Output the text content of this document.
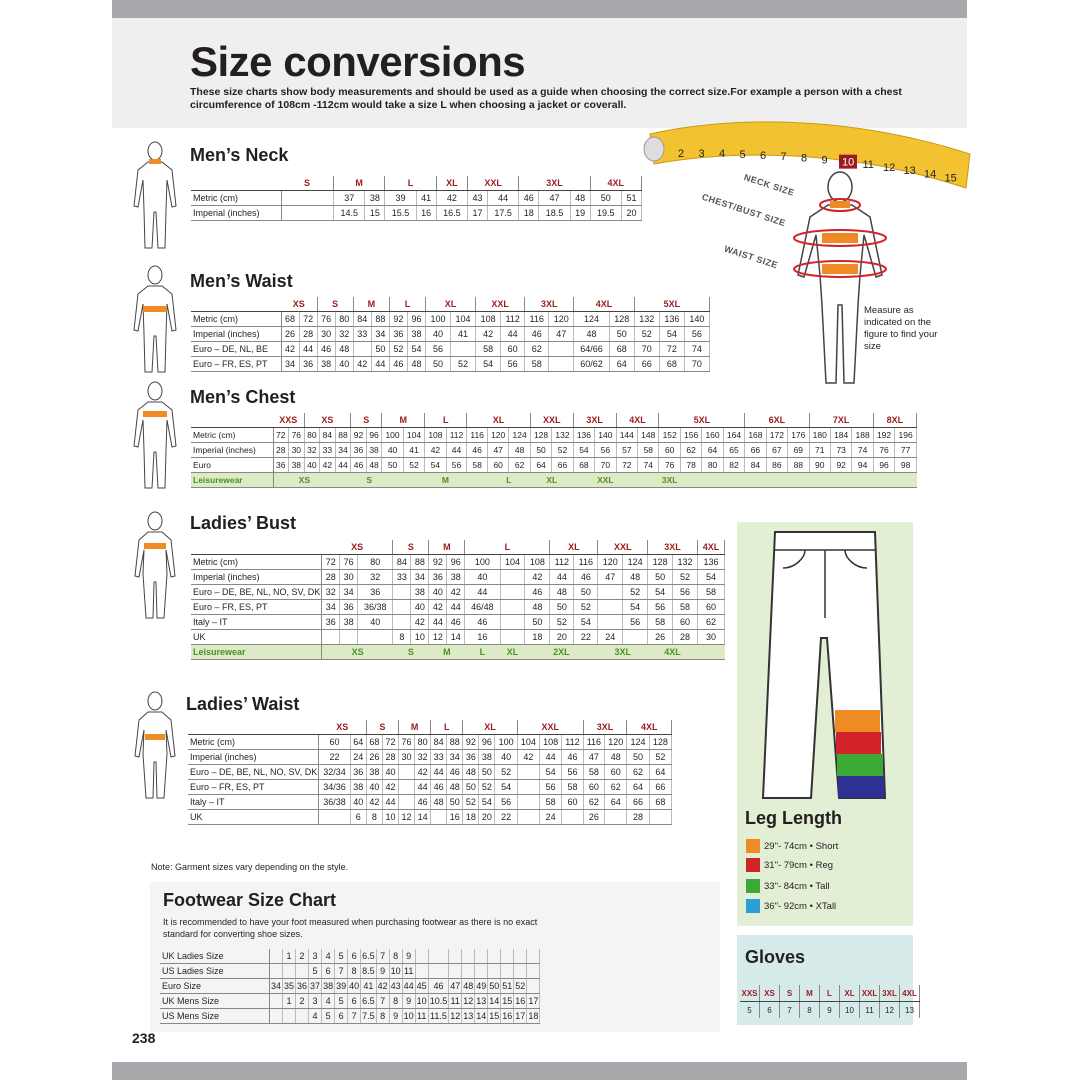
Size conversions
These size charts show body measurements and should be used as a guide when choosing the correct size.For example a person with a chest circumference of 108cm -112cm would take a size L when choosing a jacket or coverall.
2 3 4 5 6 7 8 9 10 11 12 13 14 15
NECK SIZE
CHEST/BUST SIZE
WAIST SIZE
Measure as indicated on the figure to find your size
Men’s Neck
	S	M		L		XL	XXL		3XL			4XL	
Metric (cm)		37	38	39	41	42	43	44	46	47	48	50	51
Imperial (inches)		14.5	15	15.5	16	16.5	17	17.5	18	18.5	19	19.5	20
Men’s Waist
	XS		S		M		L		XL		XXL		3XL		4XL		5XL		
Metric (cm)	68	72	76	80	84	88	92	96	100	104	108	112	116	120	124	128	132	136	140
Imperial (inches)	26	28	30	32	33	34	36	38	40	41	42	44	46	47	48	50	52	54	56
Euro – DE, NL, BE	42	44	46	48		50	52	54	56		58	60	62		64/66	68	70	72	74
Euro – FR, ES, PT	34	36	38	40	42	44	46	48	50	52	54	56	58		60/62	64	66	68	70
Men’s Chest
	XXS		XS			S		M		L		XL			XXL		3XL		4XL		5XL				6XL			7XL			8XL	
Metric (cm)	72	76	80	84	88	92	96	100	104	108	112	116	120	124	128	132	136	140	144	148	152	156	160	164	168	172	176	180	184	188	192	196
Imperial (inches)	28	30	32	33	34	36	38	40	41	42	44	46	47	48	50	52	54	56	57	58	60	62	64	65	66	67	69	71	73	74	76	77
Euro	36	38	40	42	44	46	48	50	52	54	56	58	60	62	64	66	68	70	72	74	76	78	80	82	84	86	88	90	92	94	96	98
Leisurewear	XS				S				M				L		XL		XXL			3XL												
Ladies’ Bust
	XS			S		M		L			XL		XXL		3XL		4XL
Metric (cm)	72	76	80	84	88	92	96	100	104	108	112	116	120	124	128	132	136
Imperial (inches)	28	30	32	33	34	36	38	40		42	44	46	47	48	50	52	54
Euro – DE, BE, NL, NO, SV, DK	32	34	36		38	40	42	44		46	48	50		52	54	56	58
Euro – FR, ES, PT	34	36	36/38		40	42	44	46/48		48	50	52		54	56	58	60
Italy – IT	36	38	40		42	44	46	46		50	52	54		56	58	60	62
UK				8	10	12	14	16		18	20	22	24		26	28	30
Leisurewear	XS			S		M		L	XL	2XL			3XL		4XL		
Ladies’ Waist
	XS		S		M		L		XL			XXL			3XL		4XL	
Metric (cm)	60	64	68	72	76	80	84	88	92	96	100	104	108	112	116	120	124	128
Imperial (inches)	22	24	26	28	30	32	33	34	36	38	40	42	44	46	47	48	50	52
Euro – DE, BE, NL, NO, SV, DK	32/34	36	38	40		42	44	46	48	50	52		54	56	58	60	62	64
Euro – FR, ES, PT	34/36	38	40	42		44	46	48	50	52	54		56	58	60	62	64	66
Italy – IT	36/38	40	42	44		46	48	50	52	54	56		58	60	62	64	66	68
UK		6	8	10	12	14		16	18	20	22		24		26		28	
Note: Garment sizes vary depending on the style.
Footwear Size Chart
It is recommended to have your foot measured when purchasing footwear as there is no exact standard for converting shoe sizes.
UK Ladies Size		1	2	3	4	5	6	6.5	7	8	9									
US Ladies Size				5	6	7	8	8.5	9	10	11									
Euro Size	34	35	36	37	38	39	40	41	42	43	44	45	46	47	48	49	50	51	52	
UK Mens Size		1	2	3	4	5	6	6.5	7	8	9	10	10.5	11	12	13	14	15	16	17
US Mens Size				4	5	6	7	7.5	8	9	10	11	11.5	12	13	14	15	16	17	18
238
Leg Length
29"- 74cm • Short
31"- 79cm • Reg
33"- 84cm • Tall
36"- 92cm • XTall
Gloves
XXS	XS	S	M	L	XL	XXL	3XL	4XL
5	6	7	8	9	10	11	12	13
